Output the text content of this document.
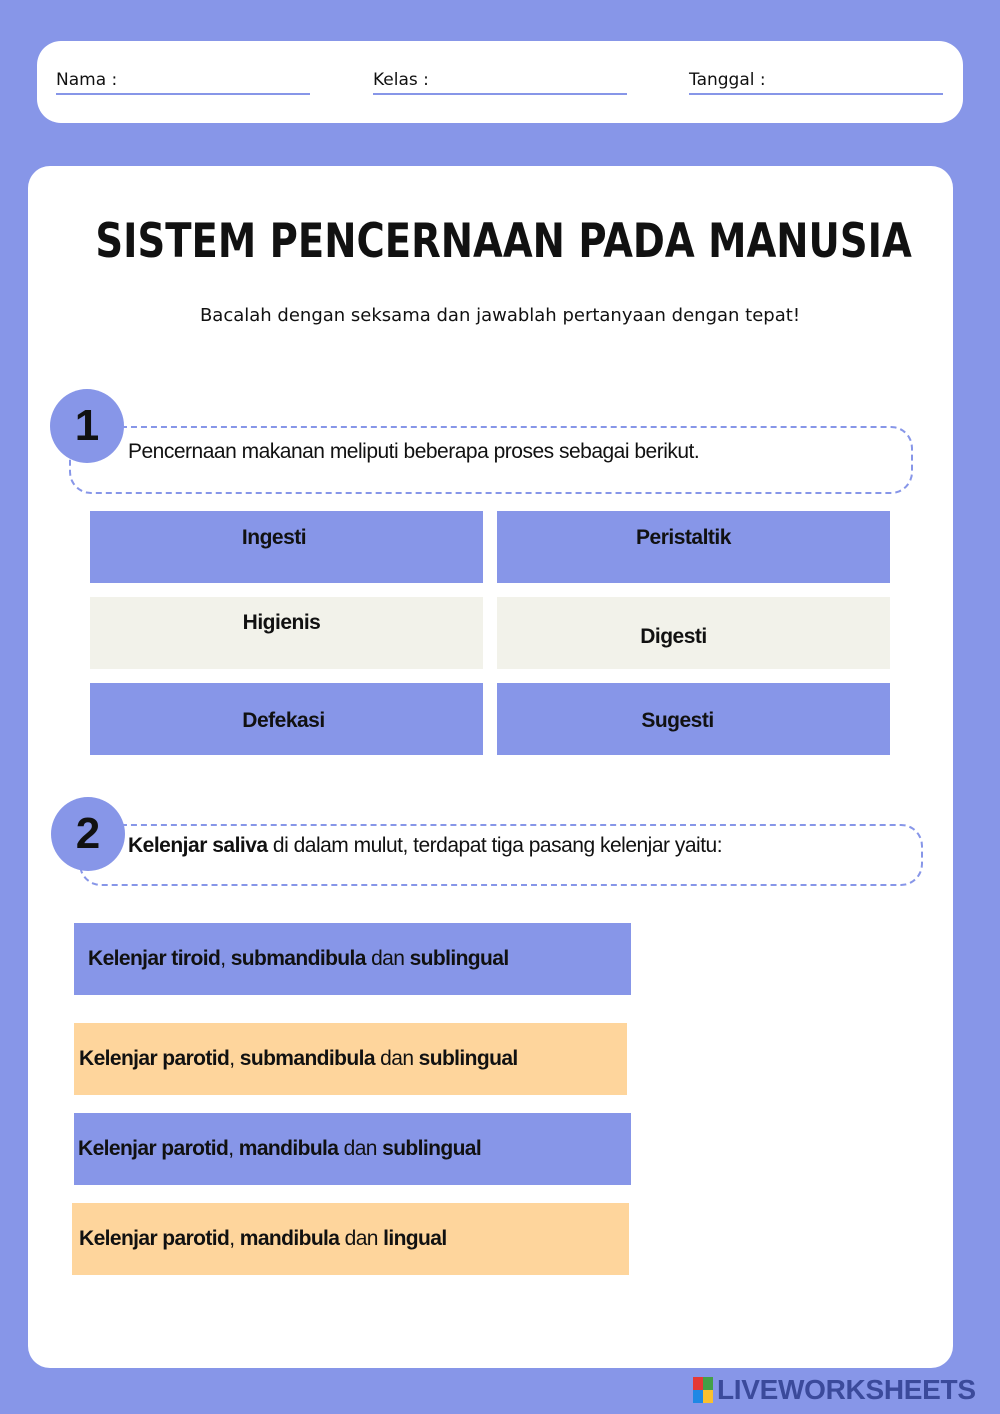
Nama :	Kelas :	Tanggal :
SISTEM PENCERNAAN PADA MANUSIA
Bacalah dengan seksama dan jawablah pertanyaan dengan tepat!
1
Pencernaan makanan meliputi beberapa proses sebagai berikut.
Ingesti	Peristaltik
Higienis
Digesti
Defekasi	Sugesti
2	Kelenjar saliva di dalam mulut, terdapat tiga pasang kelenjar yaitu:
Kelenjar tiroid , submandibula dan sublingual
Kelenjar parotid , submandibula dan sublingual
Kelenjar parotid , mandibula dan sublingual
Kelenjar parotid , mandibula dan lingual
LIVEWORKSHEETS
